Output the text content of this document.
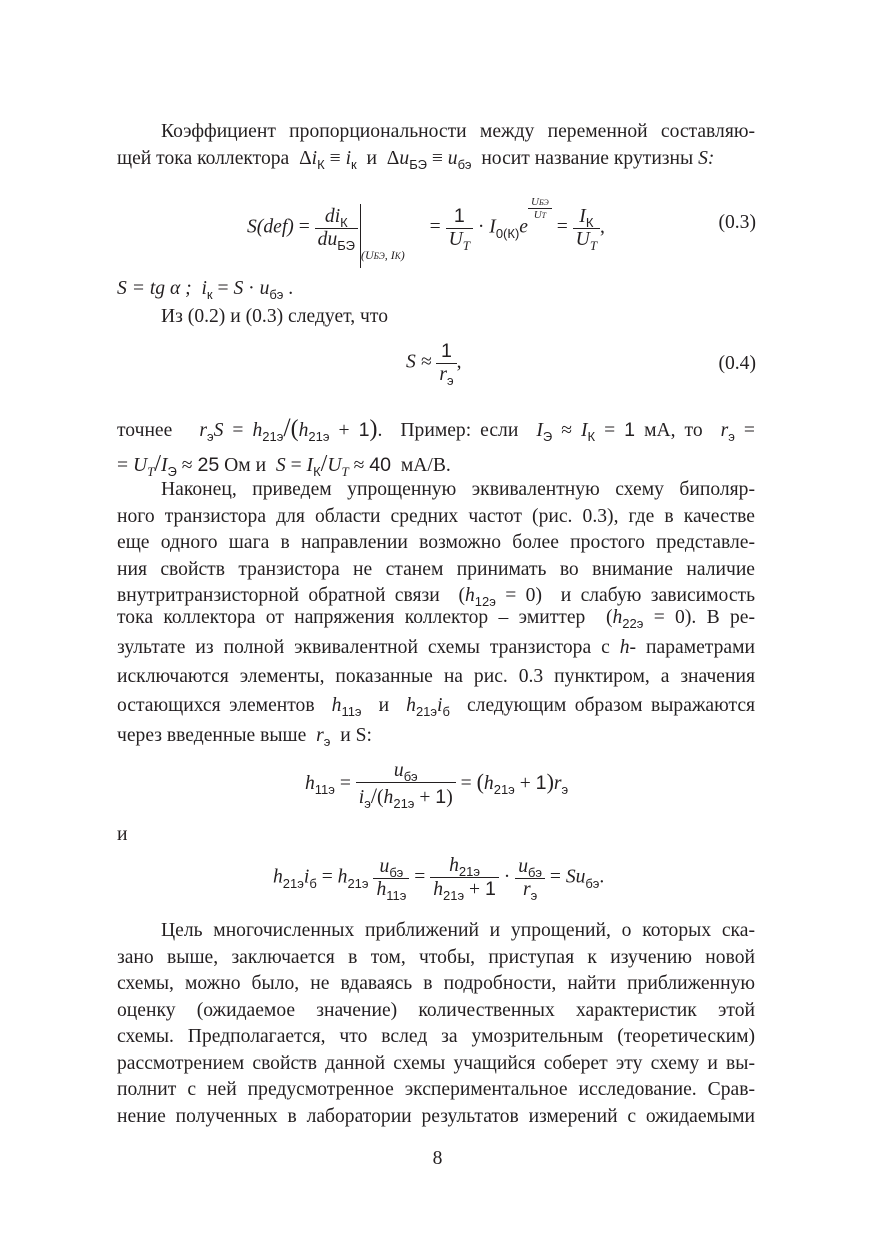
Коэффициент пропорциональности между переменной составляю-
щей тока коллектора  $\Delta i_К \equiv i_к$  и  $\Delta u_{БЭ} \equiv u_{бэ}$ носит название крутизны S:
$S(def) = \frac{di_К}{du_{БЭ}}$
$_{(UБЭ, IК)} = \frac{1}{U_T} \cdot I_{0(К)}e$
$\frac{\text{UБЭ}}{UT}$
= $\frac{I_К}{U_T}$ ,	(0.3)
S = tg α ; $i_к = S \cdot u_{бэ}$ .
Из (0.2) и (0.3) следует, что
$S \approx \frac{1}{r_э}$ ,	(0.4)
точнее $r_эS = h_{21э}/(h_{21э} + 1)$.  Пример: если $I_Э \approx I_К = 1$ мА, то $r_э$ =
= $U_T/I_Э \approx 25$ Ом и $S = I_К/U_T \approx 40$ мА/В.
Наконец, приведем упрощенную эквивалентную схему биполяр-
ного транзистора для области средних частот (рис. 0.3), где в качестве
еще одного шага в направлении возможно более простого представле-
ния свойств транзистора не станем принимать во внимание наличие
внутритранзисторной обратной связи  $(h_{12э} = 0)$  и слабую зависимость
тока коллектора от напряжения коллектор – эмиттер  $(h_{22э} = 0)$. В ре-
зультате из полной эквивалентной схемы транзистора с h- параметрами
исключаются элементы, показанные на рис. 0.3 пунктиром, а значения
остающихся элементов $h_{11э}$ и $h_{21э}i_б$ следующим образом выражаются
через введенные выше $r_э$ и S:
$h_{11э} = \frac{u_{бэ}}{i_э/(h_{21э} + 1)} = (h_{21э} + 1)r_э$
и
$h_{21э}i_б = h_{21э} \frac{u_{бэ}}{h_{11э}} = \frac{h_{21э}}{h_{21э} + 1} \cdot \frac{u_{бэ}}{r_э} = Su_{бэ}$.
Цель многочисленных приближений и упрощений, о которых ска-
зано выше, заключается в том, чтобы, приступая к изучению новой
схемы, можно было, не вдаваясь в подробности, найти приближенную
оценку (ожидаемое значение) количественных характеристик этой
схемы. Предполагается, что вслед за умозрительным (теоретическим)
рассмотрением свойств данной схемы учащийся соберет эту схему и вы-
полнит с ней предусмотренное экспериментальное исследование. Срав-
нение полученных в лаборатории результатов измерений с ожидаемыми
8
